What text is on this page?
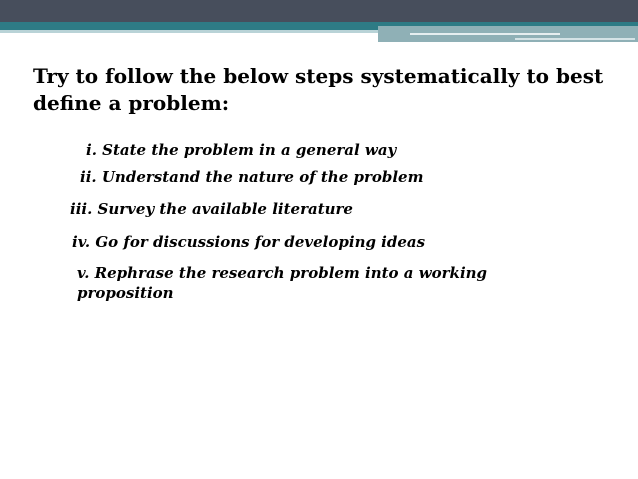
Try to follow the below steps systematically to best define a problem:

i. State the problem in a general way

ii. Understand the nature of the problem

iii. Survey the available literature

iv. Go for discussions for developing ideas

v. Rephrase the research problem into a working proposition
